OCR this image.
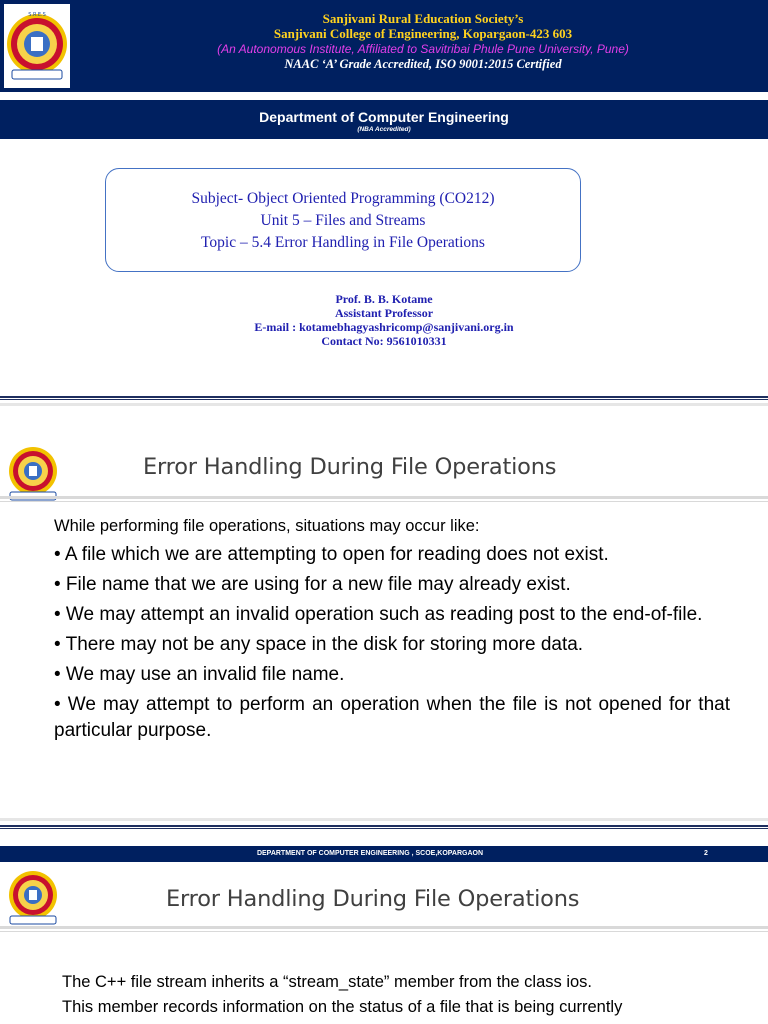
S.R.E.S	Sanjivani Rural Education Society’s
Sanjivani College of Engineering, Kopargaon-423 603
(An Autonomous Institute, Affiliated to Savitribai Phule Pune University, Pune)
NAAC ‘A’ Grade Accredited, ISO 9001:2015 Certified
Department of Computer Engineering
(NBA Accredited)
Subject- Object Oriented Programming (CO212)
Unit 5 – Files and Streams
Topic – 5.4 Error Handling in File Operations
Prof. B. B. Kotame
Assistant Professor
E-mail : kotamebhagyashricomp@sanjivani.org.in
Contact No: 9561010331
Error Handling During File Operations
While performing file operations, situations may occur like:
• A file which we are attempting to open for reading does not exist.
• File name that we are using for a new file may already exist.
• We may attempt an invalid operation such as reading post to the end-of-file.
• There may not be any space in the disk for storing more data.
• We may use an invalid file name.
• We may attempt to perform an operation when the file is not opened for that particular purpose.
DEPARTMENT OF COMPUTER ENGINEERING , SCOE,KOPARGAON	2
Error Handling During File Operations
The C++ file stream inherits a “stream_state” member from the class ios.
This member records information on the status of a file that is being currently
